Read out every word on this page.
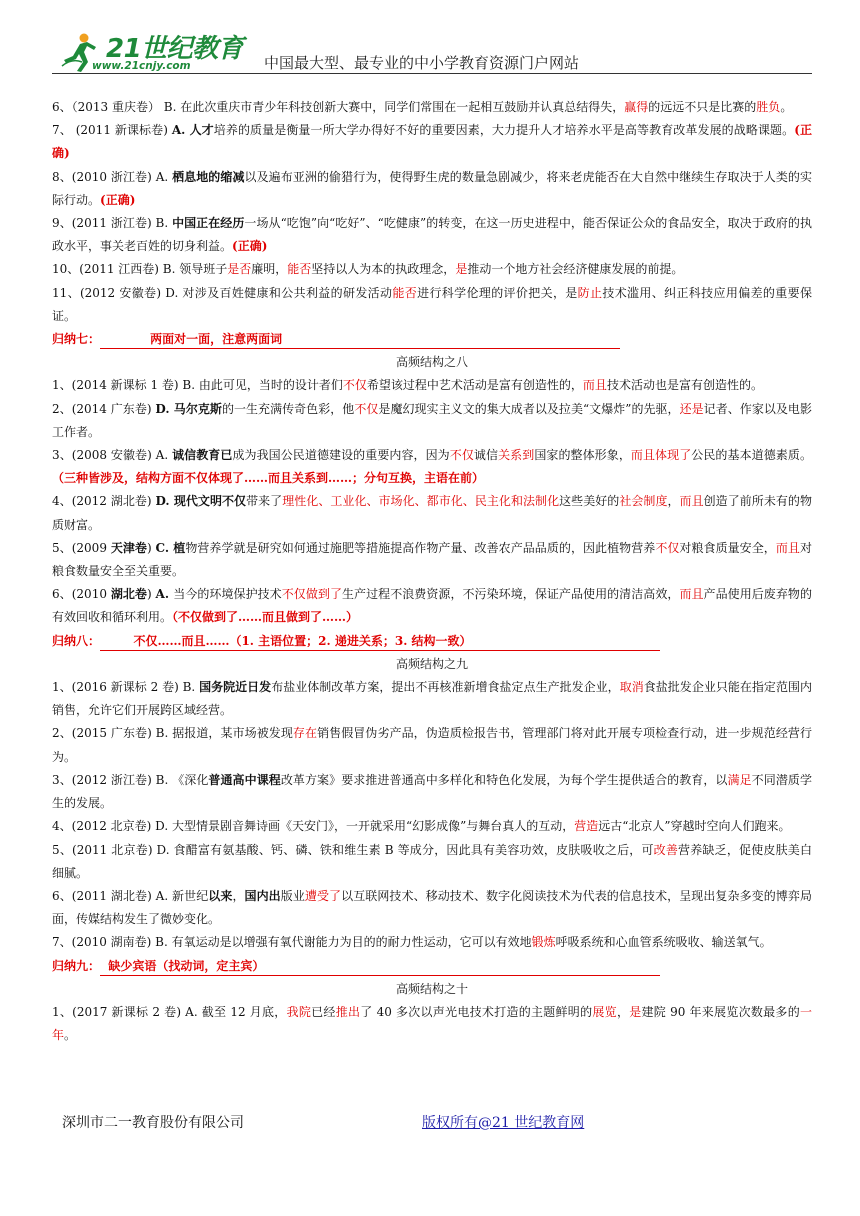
21世纪教育
www.21cnjy.com	中国最大型、最专业的中小学教育资源门户网站

6、（2013 重庆卷） B. 在此次重庆市青少年科技创新大赛中，同学们常围在一起相互鼓励并认真总结得失，赢得的远远不只是比赛的胜负。

7、 (2011 新课标卷) A. 人才培养的质量是衡量一所大学办得好不好的重要因素，大力提升人才培养水平是高等教育改革发展的战略课题。(正确)

8、(2010 浙江卷) A. 栖息地的缩减以及遍布亚洲的偷猎行为，使得野生虎的数量急剧减少，将来老虎能否在大自然中继续生存取决于人类的实际行动。(正确)

9、(2011 浙江卷) B. 中国正在经历一场从“吃饱”向“吃好”、“吃健康”的转变，在这一历史进程中，能否保证公众的食品安全，取决于政府的执政水平，事关老百姓的切身利益。(正确)

10、(2011 江西卷) B. 领导班子是否廉明，能否坚持以人为本的执政理念，是推动一个地方社会经济健康发展的前提。

11、(2012 安徽卷) D. 对涉及百姓健康和公共利益的研发活动能否进行科学伦理的评价把关，是防止技术滥用、纠正科技应用偏差的重要保证。

归纳七：            两面对一面，注意两面词

高频结构之八

1、(2014 新课标 1 卷) B. 由此可见，当时的设计者们不仅希望该过程中艺术活动是富有创造性的，而且技术活动也是富有创造性的。

2、(2014 广东卷) D. 马尔克斯的一生充满传奇色彩，他不仅是魔幻现实主义文的集大成者以及拉美“文爆炸”的先驱，还是记者、作家以及电影工作者。

3、(2008 安徽卷) A. 诚信教育已成为我国公民道德建设的重要内容，因为不仅诚信关系到国家的整体形象，而且体现了公民的基本道德素质。（三种皆涉及，结构方面不仅体现了……而且关系到……；分句互换，主语在前）

4、(2012 湖北卷) D. 现代文明不仅带来了理性化、工业化、市场化、都市化、民主化和法制化这些美好的社会制度，而且创造了前所未有的物质财富。

5、(2009 天津卷) C. 植物营养学就是研究如何通过施肥等措施提高作物产量、改善农产品品质的，因此植物营养不仅对粮食质量安全，而且对粮食数量安全至关重要。

6、(2010 湖北卷) A. 当今的环境保护技术不仅做到了生产过程不浪费资源，不污染环境，保证产品使用的清洁高效，而且产品使用后废弃物的有效回收和循环利用。（不仅做到了……而且做到了……）

归纳八：        不仅……而且……（1. 主语位置；2. 递进关系；3. 结构一致）

高频结构之九

1、(2016 新课标 2 卷) B. 国务院近日发布盐业体制改革方案，提出不再核准新增食盐定点生产批发企业，取消食盐批发企业只能在指定范围内销售，允许它们开展跨区域经营。

2、(2015 广东卷) B. 据报道，某市场被发现存在销售假冒伪劣产品，伪造质检报告书，管理部门将对此开展专项检查行动，进一步规范经营行为。

3、(2012 浙江卷) B. 《深化普通高中课程改革方案》要求推进普通高中多样化和特色化发展，为每个学生提供适合的教育，以满足不同潜质学生的发展。

4、(2012 北京卷) D. 大型情景剧音舞诗画《天安门》，一开就采用“幻影成像”与舞台真人的互动，营造远古“北京人”穿越时空向人们跑来。

5、(2011 北京卷) D. 食醋富有氨基酸、钙、磷、铁和维生素 B 等成分，因此具有美容功效，皮肤吸收之后，可改善营养缺乏，促使皮肤美白细腻。

6、(2011 湖北卷) A. 新世纪以来，国内出版业遭受了以互联网技术、移动技术、数字化阅读技术为代表的信息技术，呈现出复杂多变的博弈局面，传媒结构发生了微妙变化。

7、(2010 湖南卷) B. 有氧运动是以增强有氧代谢能力为目的的耐力性运动，它可以有效地锻炼呼吸系统和心血管系统吸收、输送氧气。

归纳九：  缺少宾语（找动词，定主宾）

高频结构之十

1、(2017 新课标 2 卷) A. 截至 12 月底，我院已经推出了 40 多次以声光电技术打造的主题鲜明的展览，是建院 90 年来展览次数最多的一年。

深圳市二一教育股份有限公司	版权所有@21 世纪教育网
